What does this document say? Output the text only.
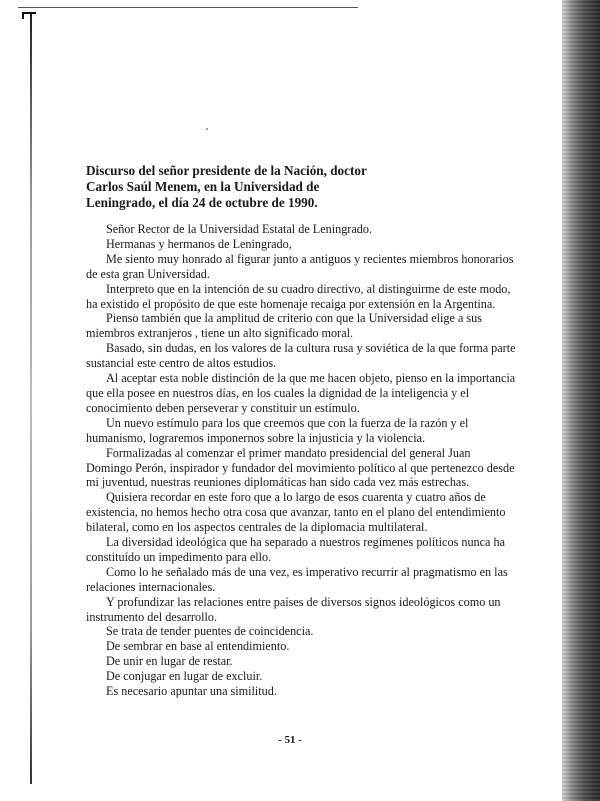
Discurso del señor presidente de la Nación, doctor
Carlos Saúl Menem, en la Universidad de
Leningrado, el día 24 de octubre de 1990.

Señor Rector de la Universidad Estatal de Leningrado.

Hermanas y hermanos de Leningrado,

Me siento muy honrado al figurar junto a antiguos y recientes miembros honorarios de esta gran Universidad.

Interpreto que en la intención de su cuadro directivo, al distinguirme de este modo, ha existido el propósito de que este homenaje recaiga por extensión en la Argentina.

Pienso también que la amplitud de criterio con que la Universidad elige a sus miembros extranjeros , tiene un alto significado moral.

Basado, sin dudas, en los valores de la cultura rusa y soviética de la que forma parte sustancial este centro de altos estudios.

Al aceptar esta noble distinción de la que me hacen objeto, pienso en la importancia que ella posee en nuestros días, en los cuales la dignidad de la inteligencia y el conocimiento deben perseverar y constituir un estímulo.

Un nuevo estímulo para los que creemos que con la fuerza de la razón y el humanismo, lograremos imponernos sobre la injusticia y la violencia.

Formalizadas al comenzar el primer mandato presidencial del general Juan Domingo Perón, inspirador y fundador del movimiento político al que pertenezco desde mi juventud, nuestras reuniones diplomáticas han sido cada vez más estrechas.

Quisiera recordar en este foro que a lo largo de esos cuarenta y cuatro años de existencia, no hemos hecho otra cosa que avanzar, tanto en el plano del entendimiento bilateral, como en los aspectos centrales de la diplomacia multilateral.

La diversidad ideológica que ha separado a nuestros regímenes políticos nunca ha constituído un impedimento para ello.

Como lo he señalado más de una vez, es imperativo recurrir al pragmatismo en las relaciones internacionales.

Y profundizar las relaciones entre países de diversos signos ideológicos como un instrumento del desarrollo.

Se trata de tender puentes de coincidencia.

De sembrar en base al entendimiento.

De unir en lugar de restar.

De conjugar en lugar de excluir.

Es necesario apuntar una similitud.

- 51 -
